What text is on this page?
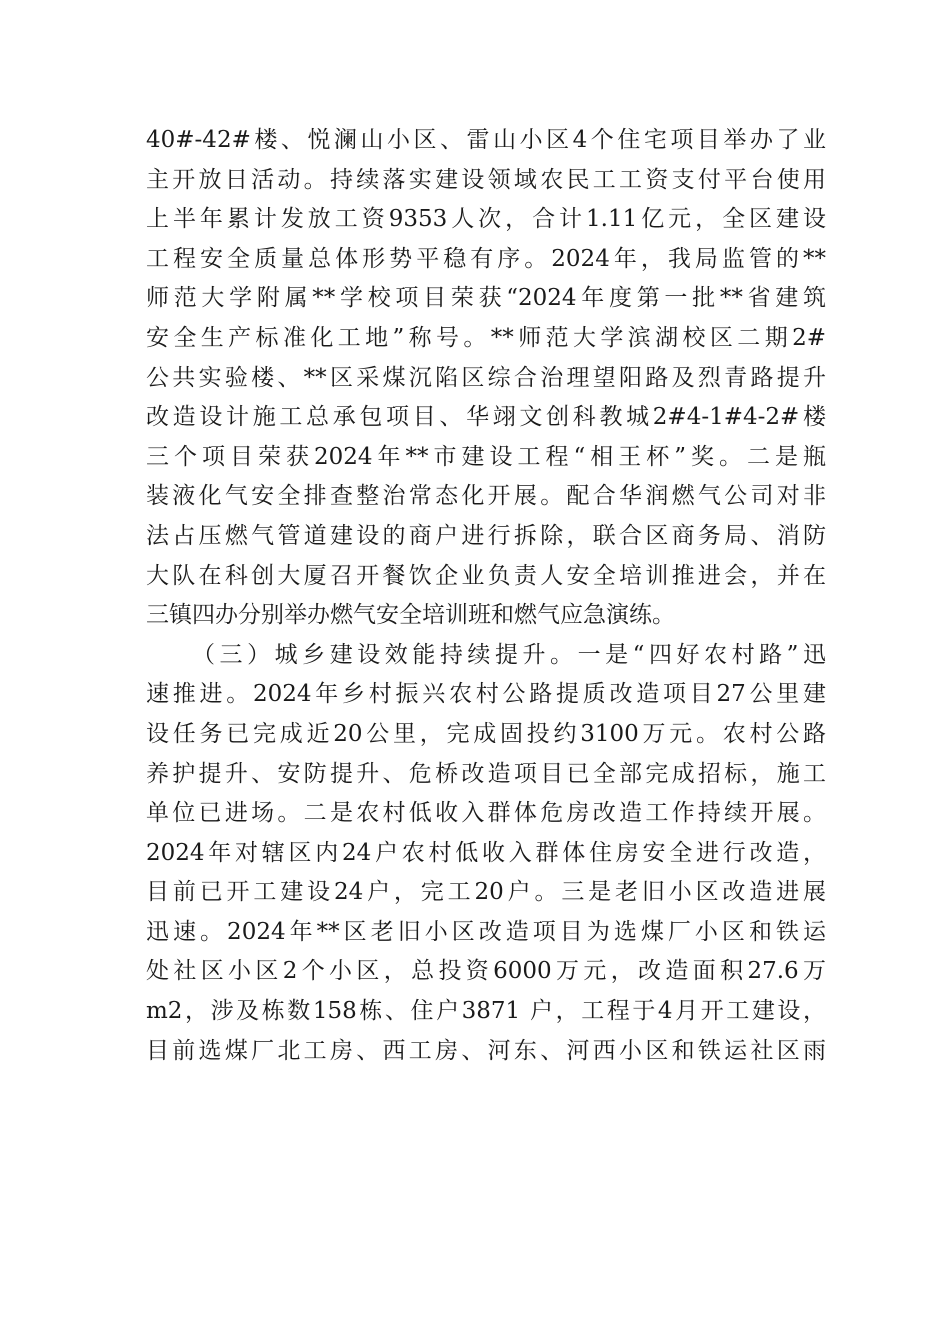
40#-42#楼、悦澜山小区、雷山小区4个住宅项目举办了业
主开放日活动。持续落实建设领域农民工工资支付平台使用
上半年累计发放工资9353人次，合计1.11亿元，全区建设
工程安全质量总体形势平稳有序。2024年，我局监管的**
师范大学附属**学校项目荣获“2024年度第一批**省建筑
安全生产标准化工地”称号。**师范大学滨湖校区二期2#
公共实验楼、**区采煤沉陷区综合治理望阳路及烈青路提升
改造设计施工总承包项目、华翊文创科教城2#4-1#4-2#楼
三个项目荣获2024年**市建设工程“相王杯”奖。二是瓶
装液化气安全排查整治常态化开展。配合华润燃气公司对非
法占压燃气管道建设的商户进行拆除，联合区商务局、消防
大队在科创大厦召开餐饮企业负责人安全培训推进会，并在
三镇四办分别举办燃气安全培训班和燃气应急演练。
（三）城乡建设效能持续提升。一是“四好农村路”迅
速推进。2024年乡村振兴农村公路提质改造项目27公里建
设任务已完成近20公里，完成固投约3100万元。农村公路
养护提升、安防提升、危桥改造项目已全部完成招标，施工
单位已进场。二是农村低收入群体危房改造工作持续开展。
2024年对辖区内24户农村低收入群体住房安全进行改造，
目前已开工建设24户，完工20户。三是老旧小区改造进展
迅速。2024年**区老旧小区改造项目为选煤厂小区和铁运
处社区小区2个小区，总投资6000万元，改造面积27.6万
m2，涉及栋数158栋、住户3871 户，工程于4月开工建设，
目前选煤厂北工房、西工房、河东、河西小区和铁运社区雨
